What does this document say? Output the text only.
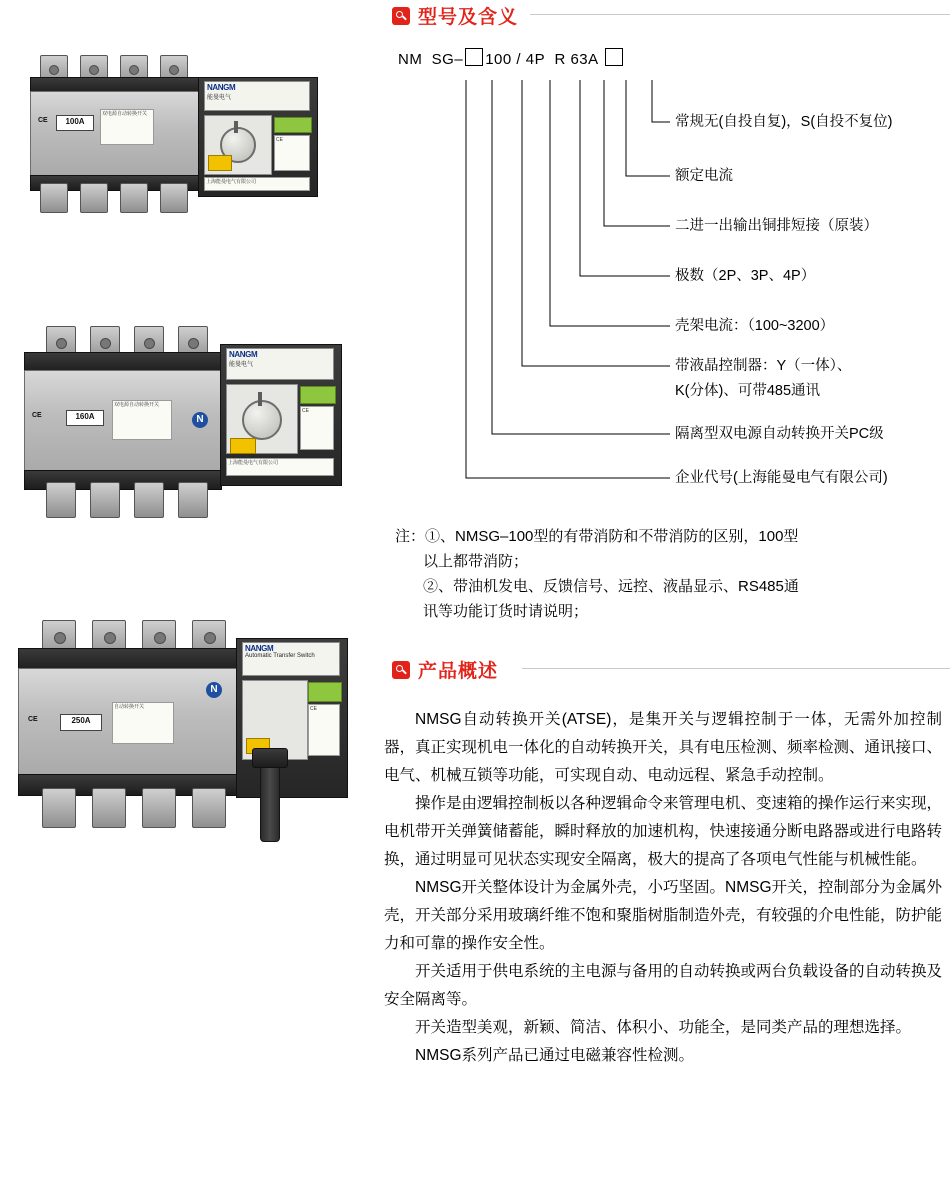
CE	100A
双电源自动转换开关
NANGM
能曼电气
CE
上海能曼电气有限公司
CE	160A
双电源自动转换开关
N
NANGM
能曼电气
CE
上海能曼电气有限公司
CE	250A
自动转换开关
N
NANGM
Automatic Transfer Switch
CE
型号及含义
NM SG– 100 / 4P R 63A
常规无(自投自复)，S(自投不复位)
额定电流
二进一出输出铜排短接（原装）
极数（2P、3P、4P）
壳架电流：（100~3200）
带液晶控制器：Y（一体）、
K(分体)、可带485通讯
隔离型双电源自动转换开关PC级
企业代号(上海能曼电气有限公司)
注：①、NMSG–100型的有带消防和不带消防的区别，100型
以上都带消防；
②、带油机发电、反馈信号、远控、液晶显示、RS485通
讯等功能订货时请说明；
产品概述

NMSG自动转换开关(ATSE)，是集开关与逻辑控制于一体，无需外加控制器，真正实现机电一体化的自动转换开关，具有电压检测、频率检测、通讯接口、电气、机械互锁等功能，可实现自动、电动远程、紧急手动控制。

操作是由逻辑控制板以各种逻辑命令来管理电机、变速箱的操作运行来实现，电机带开关弹簧储蓄能，瞬时释放的加速机构，快速接通分断电路器或进行电路转换，通过明显可见状态实现安全隔离，极大的提高了各项电气性能与机械性能。

NMSG开关整体设计为金属外壳，小巧坚固。NMSG开关，控制部分为金属外壳，开关部分采用玻璃纤维不饱和聚脂树脂制造外壳，有较强的介电性能，防护能力和可靠的操作安全性。

开关适用于供电系统的主电源与备用的自动转换或两台负载设备的自动转换及安全隔离等。

开关造型美观，新颖、简洁、体积小、功能全，是同类产品的理想选择。

NMSG系列产品已通过电磁兼容性检测。
